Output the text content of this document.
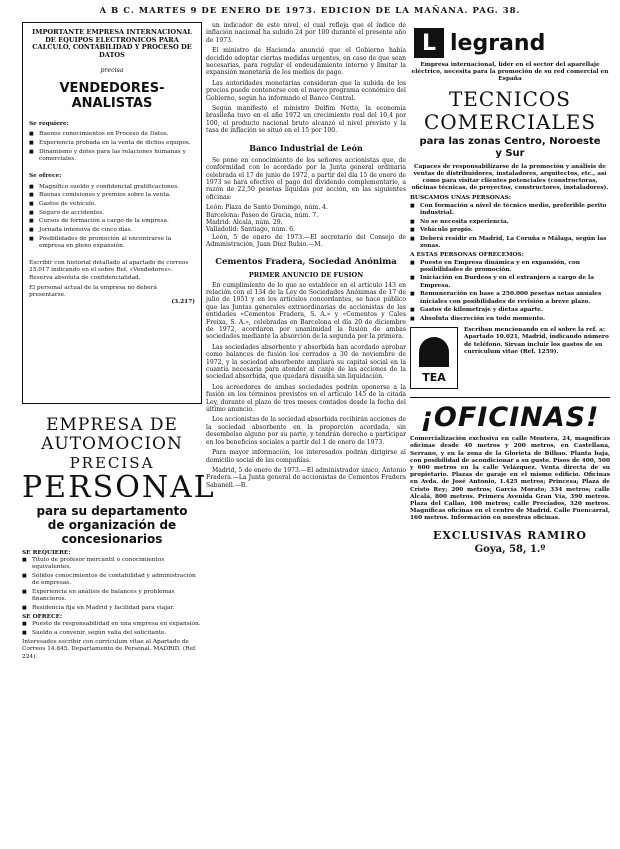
A B C. MARTES 9 DE ENERO DE 1973. EDICION DE LA MAÑANA. PAG. 38.
IMPORTANTE EMPRESA INTERNACIONAL DE EQUIPOS ELECTRONICOS PARA CALCULO, CONTABILIDAD Y PROCESO DE DATOS
precisa
VENDEDORES-ANALISTAS
Se requiere:
■ Buenos conocimientos en Proceso de Datos.
■ Experiencia probada en la venta de dichos equipos.
■ Dinamismo y dotes para las relaciones humanas y comerciales.
Se ofrece:
■ Magnífico sueldo y confidencial gratificaciones.
■ Buenas comisiones y premios sobre la venta.
■ Gastos de vehículo.
■ Seguro de accidentes.
■ Cursos de formación a cargo de la empresa.
■ Jornada intensiva de cinco días.
■ Posibilidades de promoción al encontrarse la empresa en pleno expansión.
Escribir con historial detallado al apartado de correos 25.017 indicando en el sobre Ref. «Vendedores». Reserva absoluta de confidencialidad.
El personal actual de la empresa no deberá presentarse.
(3.217)
EMPRESA DE
AUTOMOCION
PRECISA
PERSONAL
para su departamento
de organización de
concesionarios
SE REQUIERE:
■ Título de profesor mercantil o conocimientos equivalentes.
■ Sólidos conocimientos de contabilidad y administración de empresas.
■ Experiencia en análisis de balances y problemas financieros.
■ Residencia fija en Madrid y facilidad para viajar.
SE OFRECE:
■ Puesto de responsabilidad en una empresa en expansión.
■ Sueldo a convenir, según valía del solicitante.
Interesados escribir con currículum vitae al Apartado de Correos 14.845. Departamento de Personal. MADRID. (Ref. 224).

un indicador de este nivel, el cual refleja que el índice de inflación nacional ha subido 24 por 100 durante el presente año de 1973.

El ministro de Hacienda anunció que el Gobierno había decidido adoptar ciertas medidas urgentes, en caso de que sean necesarias, para regular el endeudamiento interno y limitar la expansión monetaria de los medios de pago.

Las autoridades monetarias consideran que la subida de los precios puede contenerse con el nuevo programa económico del Gobierno, según ha informado el Banco Central.

Según manifestó el ministro Delfim Netto, la economía brasileña tuvo en el año 1972 un crecimiento real del 10,4 por 100, el producto nacional bruto alcanzó el nivel previsto y la tasa de inflación se situó en el 15 por 100.

Banco Industrial de León

Se pone en conocimiento de los señores accionistas que, de conformidad con lo acordado por la Junta general ordinaria celebrada el 17 de junio de 1972, a partir del día 15 de enero de 1973 se hará efectivo el pago del dividendo complementario, a razón de 22,50 pesetas líquidas por acción, en las siguientes oficinas:

León: Plaza de Santo Domingo, núm. 4.

Barcelona: Paseo de Gracia, núm. 7.

Madrid: Alcalá, núm. 29.

Valladolid: Santiago, núm. 6.

León, 5 de enero de 1973.—El secretario del Consejo de Administración, Juan Díez Rubio.—M.

Cementos Fradera, Sociedad Anónima
PRIMER ANUNCIO DE FUSION

En cumplimiento de lo que se establece en el artículo 143 en relación con el 134 de la Ley de Sociedades Anónimas de 17 de julio de 1951 y en los artículos concordantes, se hace público que las Juntas generales extraordinarias de accionistas de las entidades «Cementos Fradera, S. A.» y «Cementos y Cales Freixa, S. A.», celebradas en Barcelona el día 20 de diciembre de 1972, acordaron por unanimidad la fusión de ambas sociedades mediante la absorción de la segunda por la primera.

Las sociedades absorbente y absorbida han acordado aprobar como balances de fusión los cerrados a 30 de noviembre de 1972, y la sociedad absorbente ampliará su capital social en la cuantía necesaria para atender al canje de las acciones de la sociedad absorbida, que quedará disuelta sin liquidación.

Los acreedores de ambas sociedades podrán oponerse a la fusión en los términos previstos en el artículo 145 de la citada Ley, durante el plazo de tres meses contados desde la fecha del último anuncio.

Los accionistas de la sociedad absorbida recibirán acciones de la sociedad absorbente en la proporción acordada, sin desembolso alguno por su parte, y tendrán derecho a participar en los beneficios sociales a partir del 1 de enero de 1973.

Para mayor información, los interesados podrán dirigirse al domicilio social de las compañías.

Madrid, 5 de enero de 1973.—El administrador único, Antonio Fradera.—La Junta general de accionistas de Cementos Fradera Sabanell.—B.

L legrand
Empresa internacional, líder en el sector del aparellaje eléctrico, necesita para la promoción de su red comercial en España
TECNICOS
COMERCIALES
para las zonas Centro, Noroeste y Sur
Capaces de responsabilizarse de la promoción y análisis de ventas de distribuidores, instaladores, arquitectos, etc., así como para visitar clientes potenciales (constructoras, oficinas técnicas, de proyectos, constructores, instaladores).
BUSCAMOS UNAS PERSONAS:
■ Con formación a nivel de técnico medio, preferible perito industrial.
■ No se necesita experiencia.
■ Vehículo propio.
■ Deberá residir en Madrid, La Coruña o Málaga, según las zonas.
A ESTAS PERSONAS OFRECEMOS:
■ Puesto en Empresa dinámica y en expansión, con posibilidades de promoción.
■ Iniciación en Burdeos y en el extranjero a cargo de la Empresa.
■ Remuneración en base a 250.000 pesetas netas anuales iniciales con posibilidades de revisión a breve plazo.
■ Gastos de kilometraje y dietas aparte.
■ Absoluta discreción en todo momento.
TEA
Escriban mencionando en el sobre la ref. a: Apartado 10.021, Madrid, indicando número de teléfono. Sirvan incluir los gastos de su currículum vitae (Ref. 1259).
¡OFICINAS!
Comercialización exclusiva en calle Montera, 24, magníficas oficinas desde 40 metros y 200 metros, en Castellana, Serrano, y en la zona de la Glorieta de Bilbao. Planta baja, con posibilidad de acondicionar a su gusto. Pisos de 400, 500 y 600 metros en la calle Velázquez. Venta directa de su propietario. Plazas de garaje en el mismo edificio. Oficinas en Avda. de José Antonio, 1.425 metros; Princesa; Plaza de Cristo Rey; 200 metros; García Morato; 334 metros; calle Alcalá, 800 metros. Primera Avenida Gran Vía, 390 metros. Plaza del Callao, 100 metros; calle Preciados, 320 metros. Magníficas oficinas en el centro de Madrid. Calle Fuencarral, 160 metros. Información en nuestras oficinas.
EXCLUSIVAS RAMIRO
Goya, 58, 1.º
